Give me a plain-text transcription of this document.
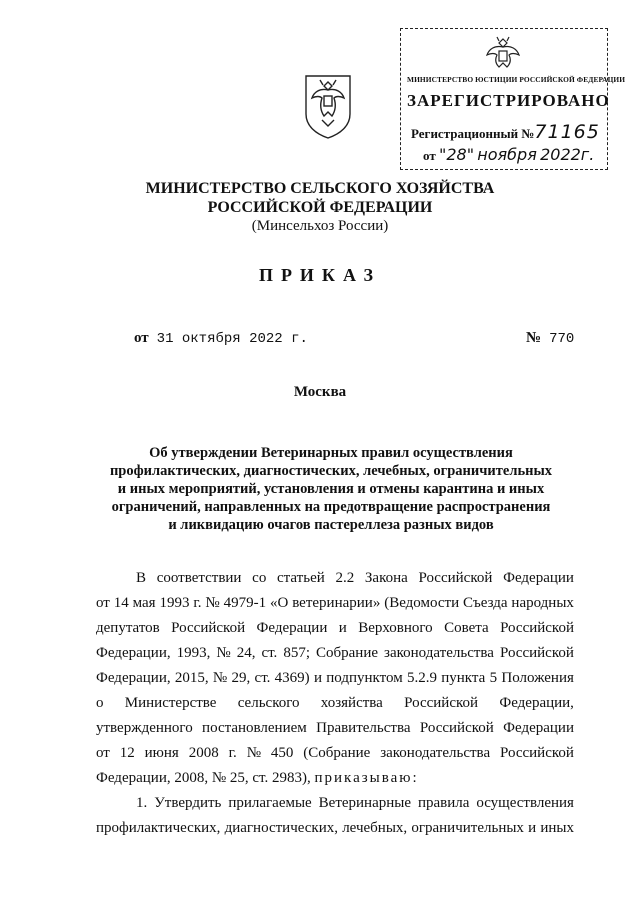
МИНИСТЕРСТВО ЮСТИЦИИ РОССИЙСКОЙ ФЕДЕРАЦИИ
ЗАРЕГИСТРИРОВАНО
Регистрационный №71165
от "28" ноября 2022г.
МИНИСТЕРСТВО СЕЛЬСКОГО ХОЗЯЙСТВА
РОССИЙСКОЙ ФЕДЕРАЦИИ
(Минсельхоз России)
ПРИКАЗ
от 31 октября 2022 г.	№ 770
Москва
Об утверждении Ветеринарных правил осуществления
профилактических, диагностических, лечебных, ограничительных
и иных мероприятий, установления и отмены карантина и иных
ограничений, направленных на предотвращение распространения
и ликвидацию очагов пастереллеза разных видов
В соответствии со статьей 2.2 Закона Российской Федерации
от 14 мая 1993 г. № 4979-1 «О ветеринарии» (Ведомости Съезда народных
депутатов Российской Федерации и Верховного Совета Российской
Федерации, 1993, № 24, ст. 857; Собрание законодательства Российской
Федерации, 2015, № 29, ст. 4369) и подпунктом 5.2.9 пункта 5 Положения
о Министерстве сельского хозяйства Российской Федерации,
утвержденного постановлением Правительства Российской Федерации
от 12 июня 2008 г. № 450 (Собрание законодательства Российской
Федерации, 2008, № 25, ст. 2983),
приказываю:
1. Утвердить прилагаемые Ветеринарные правила осуществления
профилактических, диагностических, лечебных, ограничительных и иных
